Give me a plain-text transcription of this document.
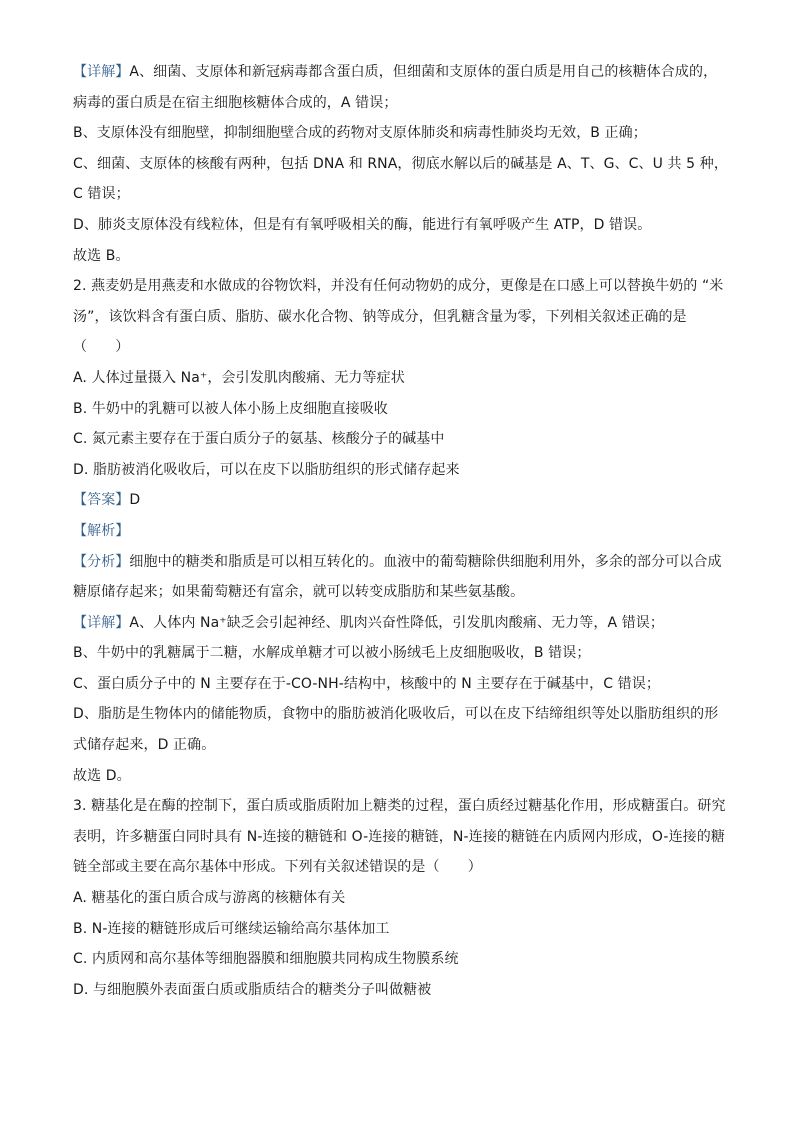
【详解】A、细菌、支原体和新冠病毒都含蛋白质，但细菌和支原体的蛋白质是用自己的核糖体合成的，
病毒的蛋白质是在宿主细胞核糖体合成的，A 错误；
B、支原体没有细胞壁，抑制细胞壁合成的药物对支原体肺炎和病毒性肺炎均无效，B 正确；
C、细菌、支原体的核酸有两种，包括 DNA 和 RNA，彻底水解以后的碱基是 A、T、G、C、U 共 5 种，
C 错误；
D、肺炎支原体没有线粒体，但是有有氧呼吸相关的酶，能进行有氧呼吸产生 ATP，D 错误。
故选 B。
2. 燕麦奶是用燕麦和水做成的谷物饮料，并没有任何动物奶的成分，更像是在口感上可以替换牛奶的 “米
汤”，该饮料含有蛋白质、脂肪、碳水化合物、钠等成分，但乳糖含量为零，下列相关叙述正确的是
（　　）
A. 人体过量摄入 Na⁺，会引发肌肉酸痛、无力等症状
B. 牛奶中的乳糖可以被人体小肠上皮细胞直接吸收
C. 氮元素主要存在于蛋白质分子的氨基、核酸分子的碱基中
D. 脂肪被消化吸收后，可以在皮下以脂肪组织的形式储存起来
【答案】D
【解析】
【分析】细胞中的糖类和脂质是可以相互转化的。血液中的葡萄糖除供细胞利用外，多余的部分可以合成
糖原储存起来；如果葡萄糖还有富余，就可以转变成脂肪和某些氨基酸。
【详解】A、人体内 Na⁺缺乏会引起神经、肌肉兴奋性降低，引发肌肉酸痛、无力等，A 错误；
B、牛奶中的乳糖属于二糖，水解成单糖才可以被小肠绒毛上皮细胞吸收，B 错误；
C、蛋白质分子中的 N 主要存在于-CO-NH-结构中，核酸中的 N 主要存在于碱基中，C 错误；
D、脂肪是生物体内的储能物质，食物中的脂肪被消化吸收后，可以在皮下结缔组织等处以脂肪组织的形
式储存起来，D 正确。
故选 D。
3. 糖基化是在酶的控制下，蛋白质或脂质附加上糖类的过程，蛋白质经过糖基化作用，形成糖蛋白。研究
表明，许多糖蛋白同时具有 N-连接的糖链和 O-连接的糖链，N-连接的糖链在内质网内形成，O-连接的糖
链全部或主要在高尔基体中形成。下列有关叙述错误的是（　　）
A. 糖基化的蛋白质合成与游离的核糖体有关
B. N-连接的糖链形成后可继续运输给高尔基体加工
C. 内质网和高尔基体等细胞器膜和细胞膜共同构成生物膜系统
D. 与细胞膜外表面蛋白质或脂质结合的糖类分子叫做糖被
